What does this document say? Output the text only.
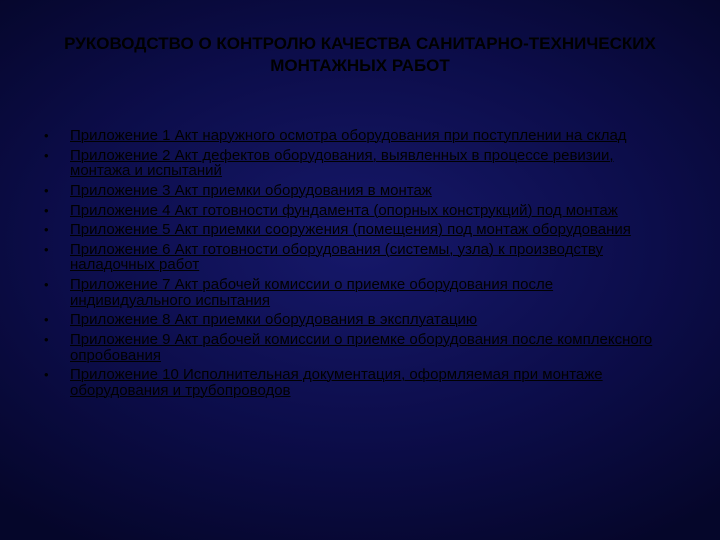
РУКОВОДСТВО О КОНТРОЛЮ КАЧЕСТВА САНИТАРНО-ТЕХНИЧЕСКИХ МОНТАЖНЫХ РАБОТ
• Приложение 1 Акт наружного осмотра оборудования при поступлении на склад
• Приложение 2 Акт дефектов оборудования, выявленных в процессе ревизии, монтажа и испытаний
• Приложение 3 Акт приемки оборудования в монтаж
• Приложение 4 Акт готовности фундамента (опорных конструкций) под монтаж
• Приложение 5 Акт приемки сооружения (помещения) под монтаж оборудования
• Приложение 6 Акт готовности оборудования (системы, узла) к производству наладочных работ
• Приложение 7 Акт рабочей комиссии о приемке оборудования после индивидуального испытания
• Приложение 8 Акт приемки оборудования в эксплуатацию
• Приложение 9 Акт рабочей комиссии о приемке оборудования после комплексного опробования
• Приложение 10 Исполнительная документация, оформляемая при монтаже оборудования и трубопроводов
